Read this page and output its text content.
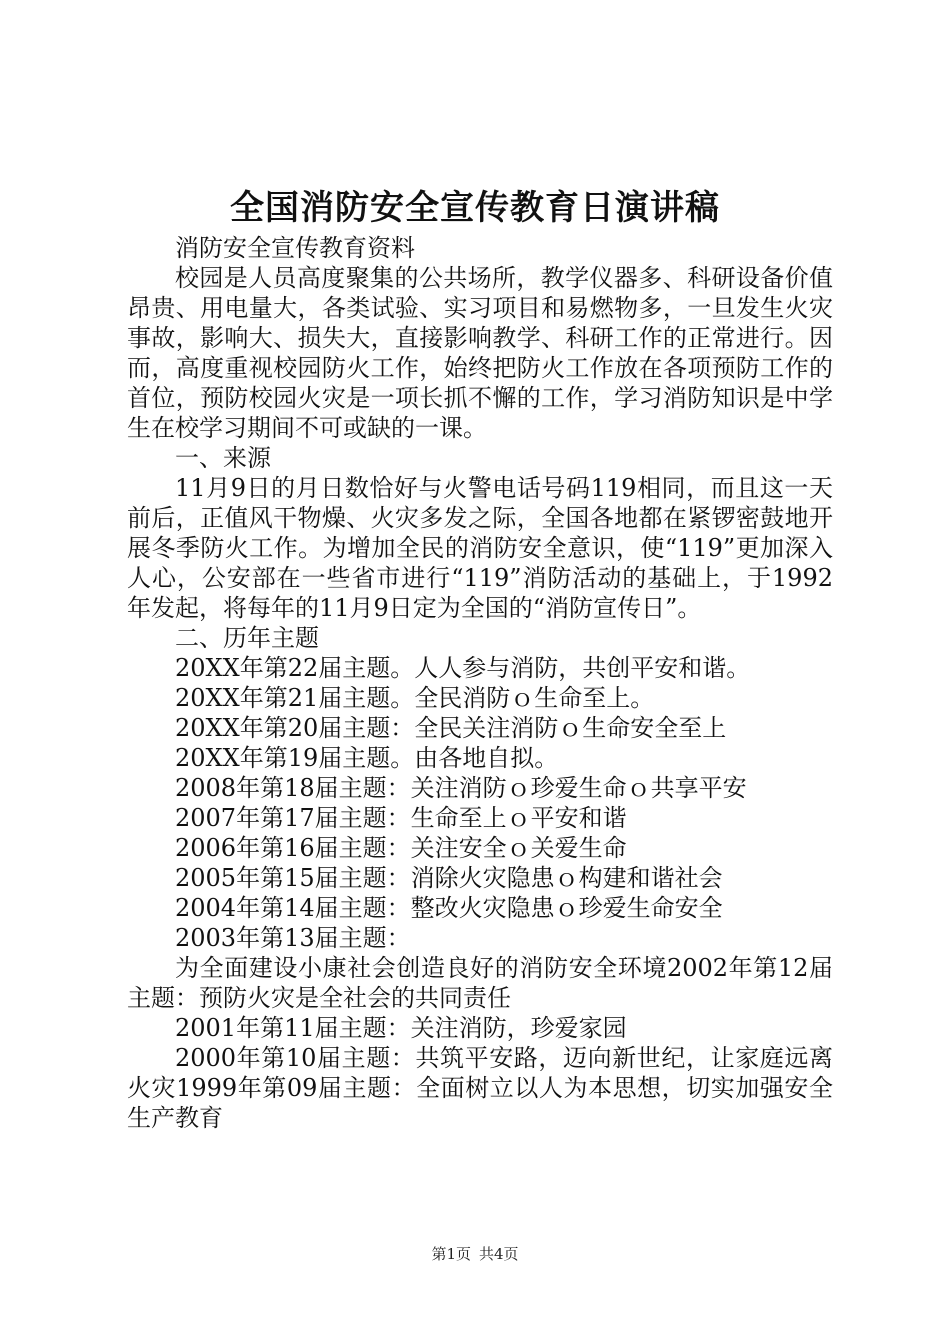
全国消防安全宣传教育日演讲稿

消防安全宣传教育资料

校园是人员高度聚集的公共场所，教学仪器多、科研设备价值昂贵、用电量大，各类试验、实习项目和易燃物多，一旦发生火灾事故，影响大、损失大，直接影响教学、科研工作的正常进行。因而，高度重视校园防火工作，始终把防火工作放在各项预防工作的首位，预防校园火灾是一项长抓不懈的工作，学习消防知识是中学生在校学习期间不可或缺的一课。

一、来源

11月9日的月日数恰好与火警电话号码119相同，而且这一天前后，正值风干物燥、火灾多发之际，全国各地都在紧锣密鼓地开展冬季防火工作。为增加全民的消防安全意识，使“119”更加深入人心，公安部在一些省市进行“119”消防活动的基础上，于1992年发起，将每年的11月9日定为全国的“消防宣传日”。

二、历年主题

20XX年第22届主题。人人参与消防，共创平安和谐。

20XX年第21届主题。全民消防ｏ生命至上。

20XX年第20届主题：全民关注消防ｏ生命安全至上

20XX年第19届主题。由各地自拟。

2008年第18届主题：关注消防ｏ珍爱生命ｏ共享平安

2007年第17届主题：生命至上ｏ平安和谐

2006年第16届主题：关注安全ｏ关爱生命

2005年第15届主题：消除火灾隐患ｏ构建和谐社会

2004年第14届主题：整改火灾隐患ｏ珍爱生命安全

2003年第13届主题：

为全面建设小康社会创造良好的消防安全环境2002年第12届主题：预防火灾是全社会的共同责任

2001年第11届主题：关注消防，珍爱家园

2000年第10届主题：共筑平安路，迈向新世纪，让家庭远离火灾1999年第09届主题：全面树立以人为本思想，切实加强安全生产教育

第1页 共4页
